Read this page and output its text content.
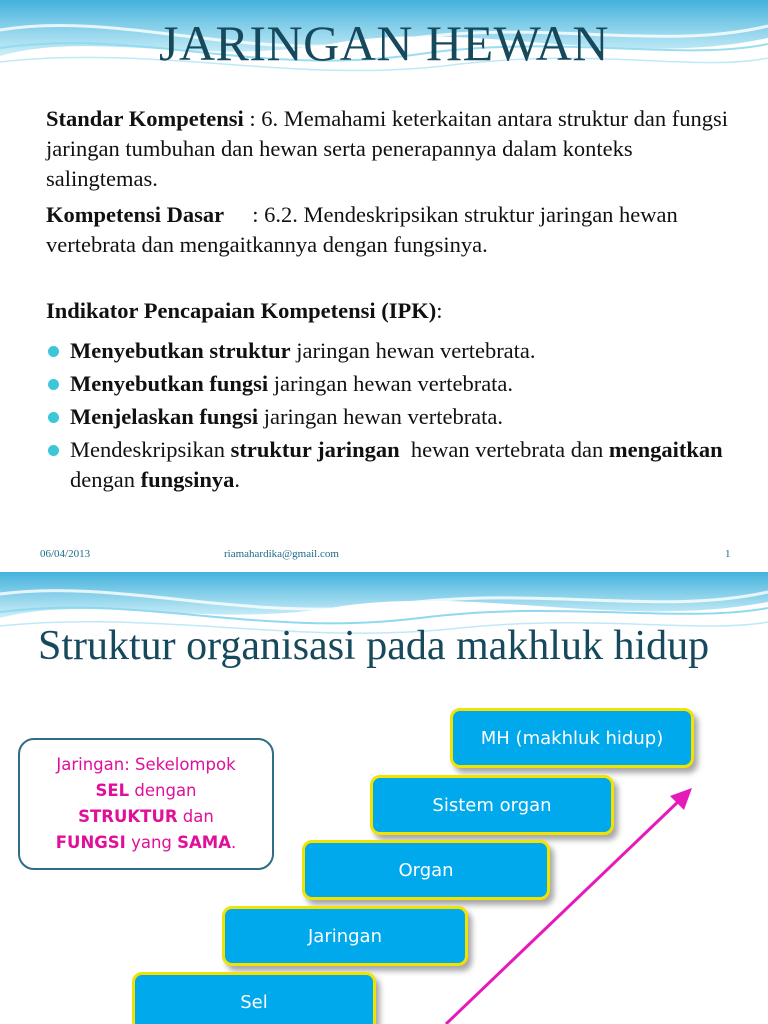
JARINGAN HEWAN
Standar Kompetensi : 6. Memahami keterkaitan antara struktur dan fungsi jaringan tumbuhan dan hewan serta penerapannya dalam konteks salingtemas.
Kompetensi Dasar     : 6.2. Mendeskripsikan struktur jaringan hewan vertebrata dan mengaitkannya dengan fungsinya.
Indikator Pencapaian Kompetensi (IPK):
Menyebutkan struktur jaringan hewan vertebrata.
Menyebutkan fungsi jaringan hewan vertebrata.
Menjelaskan fungsi jaringan hewan vertebrata.
Mendeskripsikan struktur jaringan  hewan vertebrata dan mengaitkan dengan fungsinya.
06/04/2013	riamahardika@gmail.com	1
Struktur organisasi pada makhluk hidup
Jaringan: Sekelompok
SEL dengan
STRUKTUR dan
FUNGSI yang SAMA.
MH (makhluk hidup)
Sistem organ
Organ
Jaringan
Sel
